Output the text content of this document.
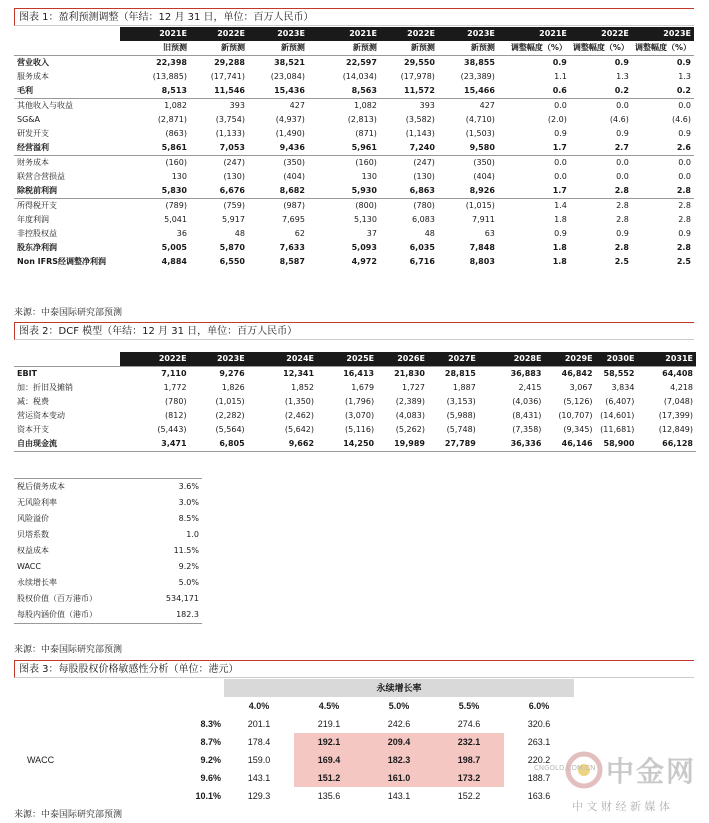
图表 1：盈利预测调整（年结：12 月 31 日，单位：百万人民币）
	2021E	2022E	2023E	2021E	2022E	2023E	2021E	2022E	2023E
	旧预测	新预测	新预测	新预测	新预测	新预测	调整幅度（%）	调整幅度（%）	调整幅度（%）
营业收入	22,398	29,288	38,521	22,597	29,550	38,855	0.9	0.9	0.9
服务成本	(13,885)	(17,741)	(23,084)	(14,034)	(17,978)	(23,389)	1.1	1.3	1.3
毛利	8,513	11,546	15,436	8,563	11,572	15,466	0.6	0.2	0.2
其他收入与收益	1,082	393	427	1,082	393	427	0.0	0.0	0.0
SG&A	(2,871)	(3,754)	(4,937)	(2,813)	(3,582)	(4,710)	(2.0)	(4.6)	(4.6)
研发开支	(863)	(1,133)	(1,490)	(871)	(1,143)	(1,503)	0.9	0.9	0.9
经营溢利	5,861	7,053	9,436	5,961	7,240	9,580	1.7	2.7	2.6
财务成本	(160)	(247)	(350)	(160)	(247)	(350)	0.0	0.0	0.0
联营合营损益	130	(130)	(404)	130	(130)	(404)	0.0	0.0	0.0
除税前利润	5,830	6,676	8,682	5,930	6,863	8,926	1.7	2.8	2.8
所得税开支	(789)	(759)	(987)	(800)	(780)	(1,015)	1.4	2.8	2.8
年度利润	5,041	5,917	7,695	5,130	6,083	7,911	1.8	2.8	2.8
非控股权益	36	48	62	37	48	63	0.9	0.9	0.9
股东净利润	5,005	5,870	7,633	5,093	6,035	7,848	1.8	2.8	2.8
Non IFRS经调整净利润	4,884	6,550	8,587	4,972	6,716	8,803	1.8	2.5	2.5
来源：中泰国际研究部预测
图表 2：DCF 模型（年结：12 月 31 日，单位：百万人民币）
	2022E	2023E	2024E	2025E	2026E	2027E	2028E	2029E	2030E	2031E
EBIT	7,110	9,276	12,341	16,413	21,830	28,815	36,883	46,842	58,552	64,408
加：折旧及摊销	1,772	1,826	1,852	1,679	1,727	1,887	2,415	3,067	3,834	4,218
减：税费	(780)	(1,015)	(1,350)	(1,796)	(2,389)	(3,153)	(4,036)	(5,126)	(6,407)	(7,048)
营运资本变动	(812)	(2,282)	(2,462)	(3,070)	(4,083)	(5,988)	(8,431)	(10,707)	(14,601)	(17,399)
资本开支	(5,443)	(5,564)	(5,642)	(5,116)	(5,262)	(5,748)	(7,358)	(9,345)	(11,681)	(12,849)
自由现金流	3,471	6,805	9,662	14,250	19,989	27,789	36,336	46,146	58,900	66,128
税后债务成本	3.6%
无风险利率	3.0%
风险溢价	8.5%
贝塔系数	1.0
权益成本	11.5%
WACC	9.2%
永续增长率	5.0%
股权价值（百万港币）	534,171
每股内涵价值（港币）	182.3
来源：中泰国际研究部预测
图表 3：每股股权价格敏感性分析（单位：港元）
		永续增长率				
		4.0%	4.5%	5.0%	5.5%	6.0%
	8.3%	201.1	219.1	242.6	274.6	320.6
	8.7%	178.4	192.1	209.4	232.1	263.1
WACC	9.2%	159.0	169.4	182.3	198.7	220.2
	9.6%	143.1	151.2	161.0	173.2	188.7
	10.1%	129.3	135.6	143.1	152.2	163.6
来源：中泰国际研究部预测
中金网
CNGOLD.COM.CN
中 文 财 经 新 媒 体
